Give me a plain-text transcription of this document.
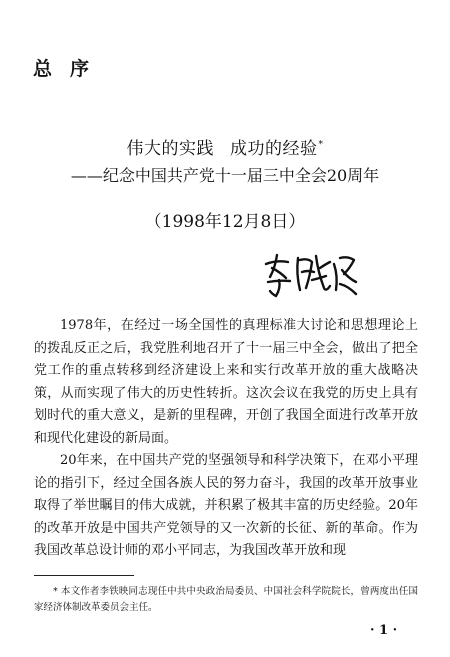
总序
伟大的实践 成功的经验*
——纪念中国共产党十一届三中全会20周年
（1998年12月8日）

1978年，在经过一场全国性的真理标准大讨论和思想理论上的拨乱反正之后，我党胜利地召开了十一届三中全会，做出了把全党工作的重点转移到经济建设上来和实行改革开放的重大战略决策，从而实现了伟大的历史性转折。这次会议在我党的历史上具有划时代的重大意义，是新的里程碑，开创了我国全面进行改革开放和现代化建设的新局面。

20年来，在中国共产党的坚强领导和科学决策下，在邓小平理论的指引下，经过全国各族人民的努力奋斗，我国的改革开放事业取得了举世瞩目的伟大成就，并积累了极其丰富的历史经验。20年的改革开放是中国共产党领导的又一次新的长征、新的革命。作为我国改革总设计师的邓小平同志，为我国改革开放和现

* 本文作者李铁映同志现任中共中央政治局委员、中国社会科学院院长，曾两度出任国家经济体制改革委员会主任。
· 1 ·
